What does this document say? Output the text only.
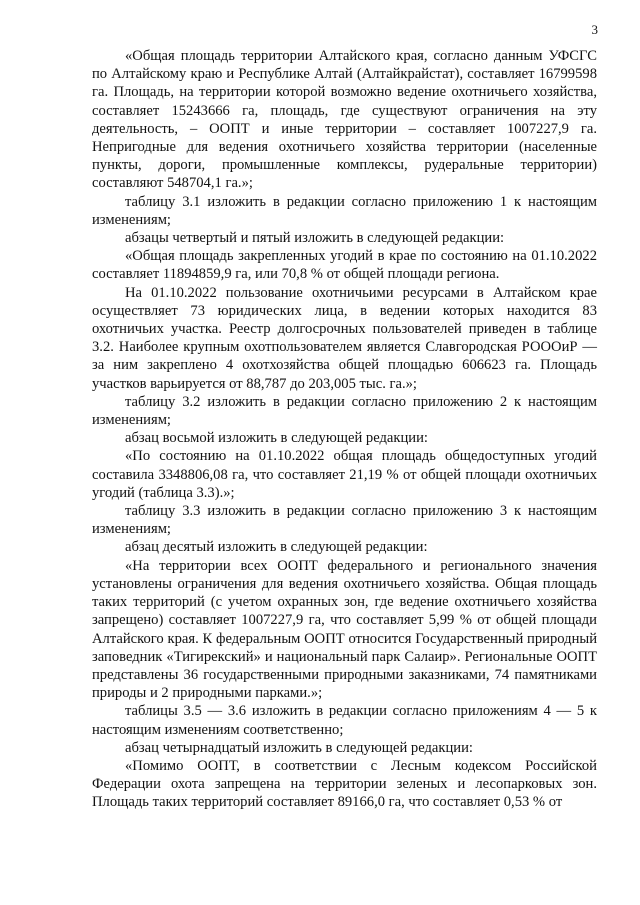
3

«Общая площадь территории Алтайского края, согласно данным УФСГС по Алтайскому краю и Республике Алтай (Алтайкрайстат), составляет 16799598 га. Площадь, на территории которой возможно ведение охотничьего хозяйства, составляет 15243666 га, площадь, где существуют ограничения на эту деятельность, – ООПТ и иные территории – составляет 1007227,9 га. Непригодные для ведения охотничьего хозяйства территории (населенные пункты, дороги, промышленные комплексы, рудеральные территории) составляют 548704,1 га.»;

таблицу 3.1 изложить в редакции согласно приложению 1 к настоящим изменениям;

абзацы четвертый и пятый изложить в следующей редакции:

«Общая площадь закрепленных угодий в крае по состоянию на 01.10.2022 составляет 11894859,9 га, или 70,8 % от общей площади региона.

На 01.10.2022 пользование охотничьими ресурсами в Алтайском крае осуществляет 73 юридических лица, в ведении которых находится 83 охотничьих участка. Реестр долгосрочных пользователей приведен в таблице 3.2. Наиболее крупным охотпользователем является Славгородская РОООиР — за ним закреплено 4 охотхозяйства общей площадью 606623 га. Площадь участков варьируется от 88,787 до 203,005 тыс. га.»;

таблицу 3.2 изложить в редакции согласно приложению 2 к настоящим изменениям;

абзац восьмой изложить в следующей редакции:

«По состоянию на 01.10.2022 общая площадь общедоступных угодий составила 3348806,08 га, что составляет 21,19 % от общей площади охотничьих угодий (таблица 3.3).»;

таблицу 3.3 изложить в редакции согласно приложению 3 к настоящим изменениям;

абзац десятый изложить в следующей редакции:

«На территории всех ООПТ федерального и регионального значения установлены ограничения для ведения охотничьего хозяйства. Общая площадь таких территорий (с учетом охранных зон, где ведение охотничьего хозяйства запрещено) составляет 1007227,9 га, что составляет 5,99 % от общей площади Алтайского края. К федеральным ООПТ относится Государственный природный заповедник «Тигирекский» и национальный парк Салаир». Региональные ООПТ представлены 36 государственными природными заказниками, 74 памятниками природы и 2 природными парками.»;

таблицы 3.5 — 3.6 изложить в редакции согласно приложениям 4 — 5 к настоящим изменениям соответственно;

абзац четырнадцатый изложить в следующей редакции:

«Помимо ООПТ, в соответствии с Лесным кодексом Российской Федерации охота запрещена на территории зеленых и лесопарковых зон. Площадь таких территорий составляет 89166,0 га, что составляет 0,53 % от
